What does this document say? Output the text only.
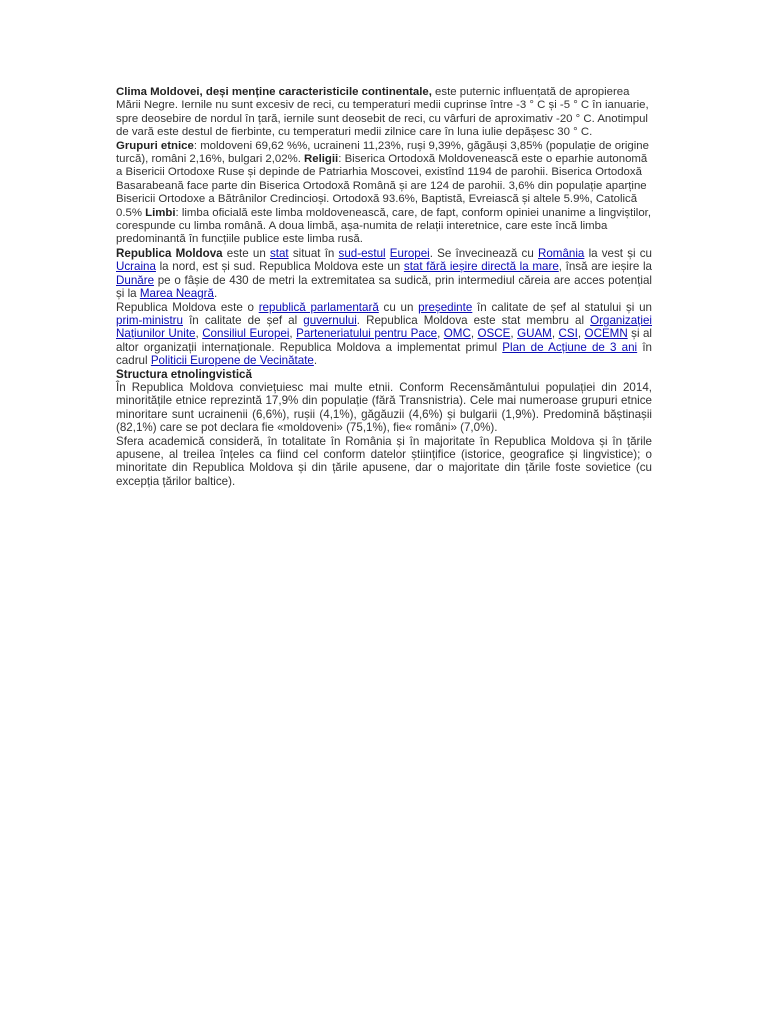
Clima Moldovei, deși menține caracteristicile continentale, este puternic influențată de apropierea Mării Negre. Iernile nu sunt excesiv de reci, cu temperaturi medii cuprinse între -3 ° C și -5 ° C în ianuarie, spre deosebire de nordul în țară, iernile sunt deosebit de reci, cu vârfuri de aproximativ -20 ° C. Anotimpul de vară este destul de fierbinte, cu temperaturi medii zilnice care în luna iulie depășesc 30 ° C.

Grupuri etnice: moldoveni 69,62 %%, ucraineni 11,23%, ruși 9,39%, găgăuși 3,85% (populație de origine turcă), români 2,16%, bulgari 2,02%. Religii: Biserica Ortodoxă Moldovenească este o eparhie autonomă a Bisericii Ortodoxe Ruse și depinde de Patriarhia Moscovei, existînd 1194 de parohii. Biserica Ortodoxă Basarabeană face parte din Biserica Ortodoxă Română și are 124 de parohii. 3,6% din populație aparține Bisericii Ortodoxe a Bătrânilor Credincioși. Ortodoxă 93.6%, Baptistă, Evreiască și altele 5.9%, Catolică 0.5% Limbi: limba oficială este limba moldovenească, care, de fapt, conform opiniei unanime a lingviștilor, corespunde cu limba română. A doua limbă, așa-numita de relații interetnice, care este încă limba predominantă în funcțiile publice este limba rusă.

Republica Moldova este un stat situat în sud-estul Europei. Se învecinează cu România la vest și cu Ucraina la nord, est și sud. Republica Moldova este un stat fără ieșire directă la mare, însă are ieșire la Dunăre pe o fâșie de 430 de metri la extremitatea sa sudică, prin intermediul căreia are acces potențial și la Marea Neagră.

Republica Moldova este o republică parlamentară cu un președinte în calitate de șef al statului și un prim-ministru în calitate de șef al guvernului. Republica Moldova este stat membru al Organizației Națiunilor Unite, Consiliul Europei, Parteneriatului pentru Pace, OMC, OSCE, GUAM, CSI, OCEMN și al altor organizații internaționale. Republica Moldova a implementat primul Plan de Acțiune de 3 ani în cadrul Politicii Europene de Vecinătate.

Structura etnolingvistică

În Republica Moldova conviețuiesc mai multe etnii. Conform Recensământului populației din 2014, minoritățile etnice reprezintă 17,9% din populație (fără Transnistria). Cele mai numeroase grupuri etnice minoritare sunt ucrainenii (6,6%), rușii (4,1%), găgăuzii (4,6%) și bulgarii (1,9%). Predomină băștinașii (82,1%) care se pot declara fie «moldoveni» (75,1%), fie« români» (7,0%).

Sfera academică consideră, în totalitate în România și în majoritate în Republica Moldova și în țările apusene, al treilea înțeles ca fiind cel conform datelor științifice (istorice, geografice și lingvistice); o minoritate din Republica Moldova și din țările apusene, dar o majoritate din țările foste sovietice (cu excepția țărilor baltice).
